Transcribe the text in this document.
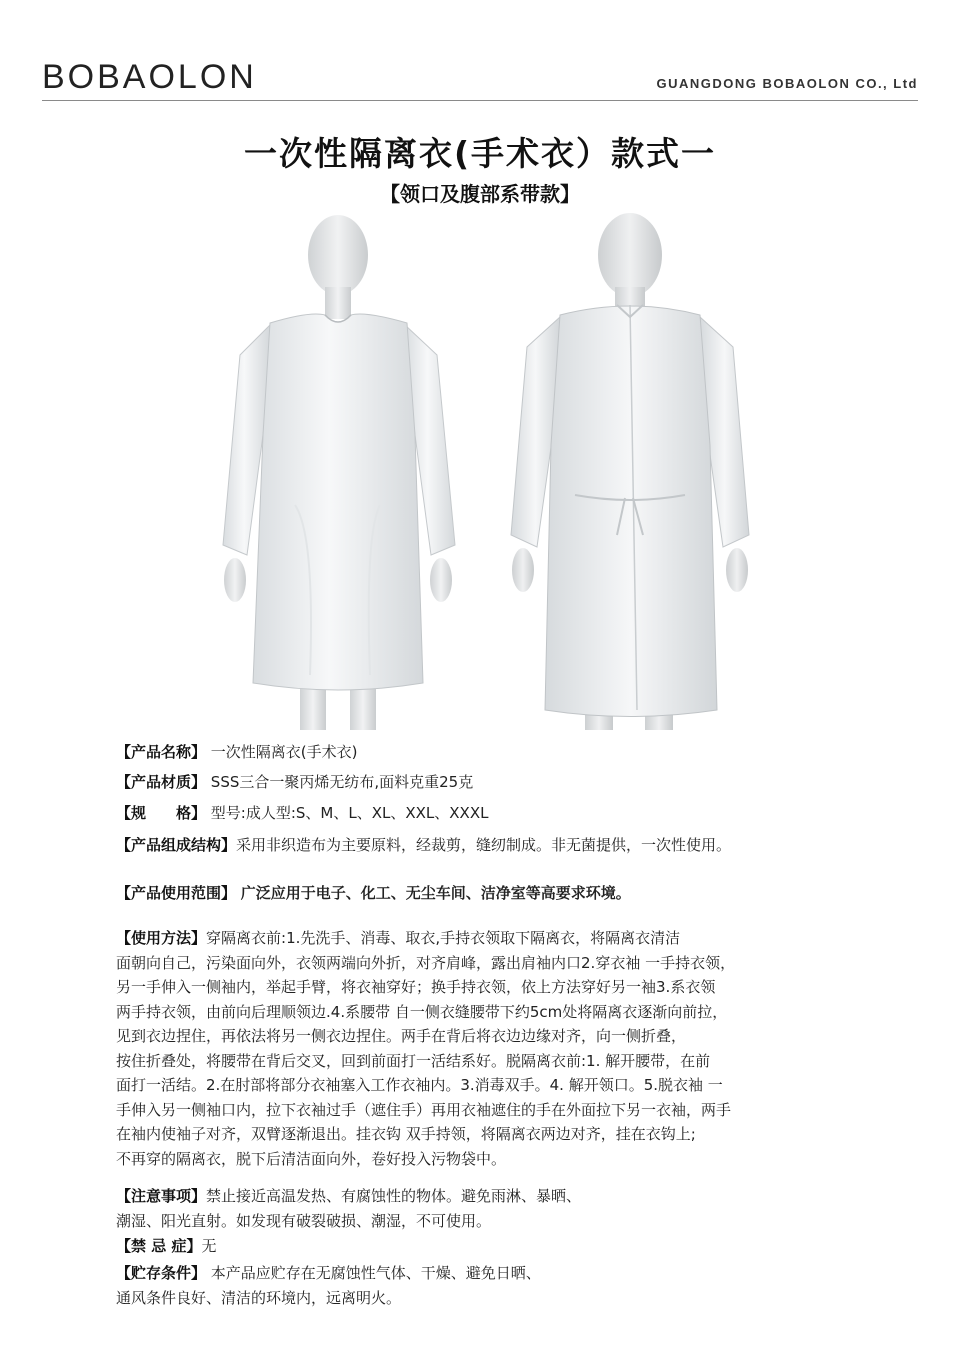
BOBAOLON	GUANGDONG BOBAOLON CO., Ltd
一次性隔离衣(手术衣）款式一
【领口及腹部系带款】
【产品名称】 一次性隔离衣(手术衣)
【产品材质】 SSS三合一聚丙烯无纺布,面料克重25克
【规　　格】 型号:成人型:S、M、L、XL、XXL、XXXL
【产品组成结构】采用非织造布为主要原料，经裁剪，缝纫制成。非无菌提供，一次性使用。
【产品使用范围】 广泛应用于电子、化工、无尘车间、洁净室等高要求环境。
【使用方法】穿隔离衣前:1.先洗手、消毒、取衣,手持衣领取下隔离衣，将隔离衣清洁
面朝向自己，污染面向外，衣领两端向外折，对齐肩峰，露出肩袖内口2.穿衣袖 一手持衣领，
另一手伸入一侧袖内，举起手臂，将衣袖穿好；换手持衣领，依上方法穿好另一袖3.系衣领
两手持衣领，由前向后理顺领边.4.系腰带 自一侧衣缝腰带下约5cm处将隔离衣逐渐向前拉，
见到衣边捏住，再依法将另一侧衣边捏住。两手在背后将衣边边缘对齐，向一侧折叠，
按住折叠处，将腰带在背后交叉，回到前面打一活结系好。脱隔离衣前:1. 解开腰带，在前
面打一活结。2.在肘部将部分衣袖塞入工作衣袖内。3.消毒双手。4. 解开领口。5.脱衣袖 一
手伸入另一侧袖口内，拉下衣袖过手（遮住手）再用衣袖遮住的手在外面拉下另一衣袖，两手
在袖内使袖子对齐，双臂逐渐退出。挂衣钩 双手持领，将隔离衣两边对齐，挂在衣钩上;
不再穿的隔离衣，脱下后清洁面向外，卷好投入污物袋中。
【注意事项】禁止接近高温发热、有腐蚀性的物体。避免雨淋、暴晒、
潮湿、阳光直射。如发现有破裂破损、潮湿，不可使用。
【禁 忌 症】无
【贮存条件】 本产品应贮存在无腐蚀性气体、干燥、避免日晒、
通风条件良好、清洁的环境内，远离明火。
